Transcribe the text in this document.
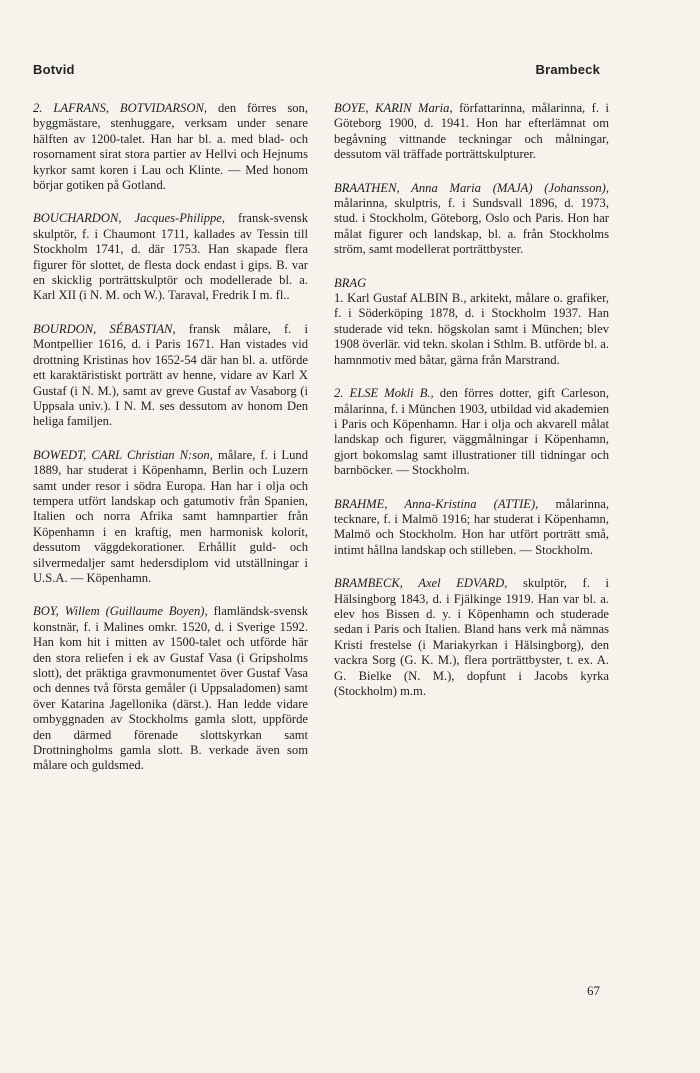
Botvid	Brambeck

2. LAFRANS, BOTVIDARSON, den förres son, byggmästare, stenhuggare, verksam under senare hälften av 1200-talet. Han har bl. a. med blad- och rosornament sirat stora partier av Hellvi och Hejnums kyrkor samt koren i Lau och Klinte. — Med honom börjar gotiken på Gotland.

BOUCHARDON, Jacques-Philippe, fransk-svensk skulptör, f. i Chaumont 1711, kallades av Tessin till Stockholm 1741, d. där 1753. Han skapade flera figurer för slottet, de flesta dock endast i gips. B. var en skicklig porträttskulptör och modellerade bl. a. Karl XII (i N. M. och W.). Taraval, Fredrik I m. fl..

BOURDON, SÉBASTIAN, fransk målare, f. i Montpellier 1616, d. i Paris 1671. Han vistades vid drottning Kristinas hov 1652-54 där han bl. a. utförde ett karaktäristiskt porträtt av henne, vidare av Karl X Gustaf (i N. M.), samt av greve Gustaf av Vasaborg (i Uppsala univ.). I N. M. ses dessutom av honom Den heliga familjen.

BOWEDT, CARL Christian N:son, målare, f. i Lund 1889, har studerat i Köpenhamn, Berlin och Luzern samt under resor i södra Europa. Han har i olja och tempera utfört landskap och gatumotiv från Spanien, Italien och norra Afrika samt hamnpartier från Köpenhamn i en kraftig, men harmonisk kolorit, dessutom väggdekorationer. Erhållit guld- och silvermedaljer samt hedersdiplom vid utställningar i U.S.A. — Köpenhamn.

BOY, Willem (Guillaume Boyen), flamländsk-svensk konstnär, f. i Malines omkr. 1520, d. i Sverige 1592. Han kom hit i mitten av 1500-talet och utförde här den stora reliefen i ek av Gustaf Vasa (i Gripsholms slott), det präktiga gravmonumentet över Gustaf Vasa och dennes två första gemåler (i Uppsaladomen) samt över Katarina Jagellonika (därst.). Han ledde vidare ombyggnaden av Stockholms gamla slott, uppförde den därmed förenade slottskyrkan samt Drottningholms gamla slott. B. verkade även som målare och guldsmed.

BOYE, KARIN Maria, författarinna, målarinna, f. i Göteborg 1900, d. 1941. Hon har efterlämnat om begåvning vittnande teckningar och målningar, dessutom väl träffade porträttskulpturer.

BRAATHEN, Anna Maria (MAJA) (Johansson), målarinna, skulptris, f. i Sundsvall 1896, d. 1973, stud. i Stockholm, Göteborg, Oslo och Paris. Hon har målat figurer och landskap, bl. a. från Stockholms ström, samt modellerat porträttbyster.

BRAG
1. Karl Gustaf ALBIN B., arkitekt, målare o. grafiker, f. i Söderköping 1878, d. i Stockholm 1937. Han studerade vid tekn. högskolan samt i München; blev 1908 överlär. vid tekn. skolan i Sthlm. B. utförde bl. a. hamnmotiv med båtar, gärna från Marstrand.

2. ELSE Mokli B., den förres dotter, gift Carleson, målarinna, f. i München 1903, utbildad vid akademien i Paris och Köpenhamn. Har i olja och akvarell målat landskap och figurer, väggmålningar i Köpenhamn, gjort bokomslag samt illustrationer till tidningar och barnböcker. — Stockholm.

BRAHME, Anna-Kristina (ATTIE), målarinna, tecknare, f. i Malmö 1916; har studerat i Köpenhamn, Malmö och Stockholm. Hon har utfört porträtt små, intimt hållna landskap och stilleben. — Stockholm.

BRAMBECK, Axel EDVARD, skulptör, f. i Hälsingborg 1843, d. i Fjälkinge 1919. Han var bl. a. elev hos Bissen d. y. i Köpenhamn och studerade sedan i Paris och Italien. Bland hans verk må nämnas Kristi frestelse (i Mariakyrkan i Hälsingborg), den vackra Sorg (G. K. M.), flera porträttbyster, t. ex. A. G. Bielke (N. M.), dopfunt i Jacobs kyrka (Stockholm) m.m.

67
